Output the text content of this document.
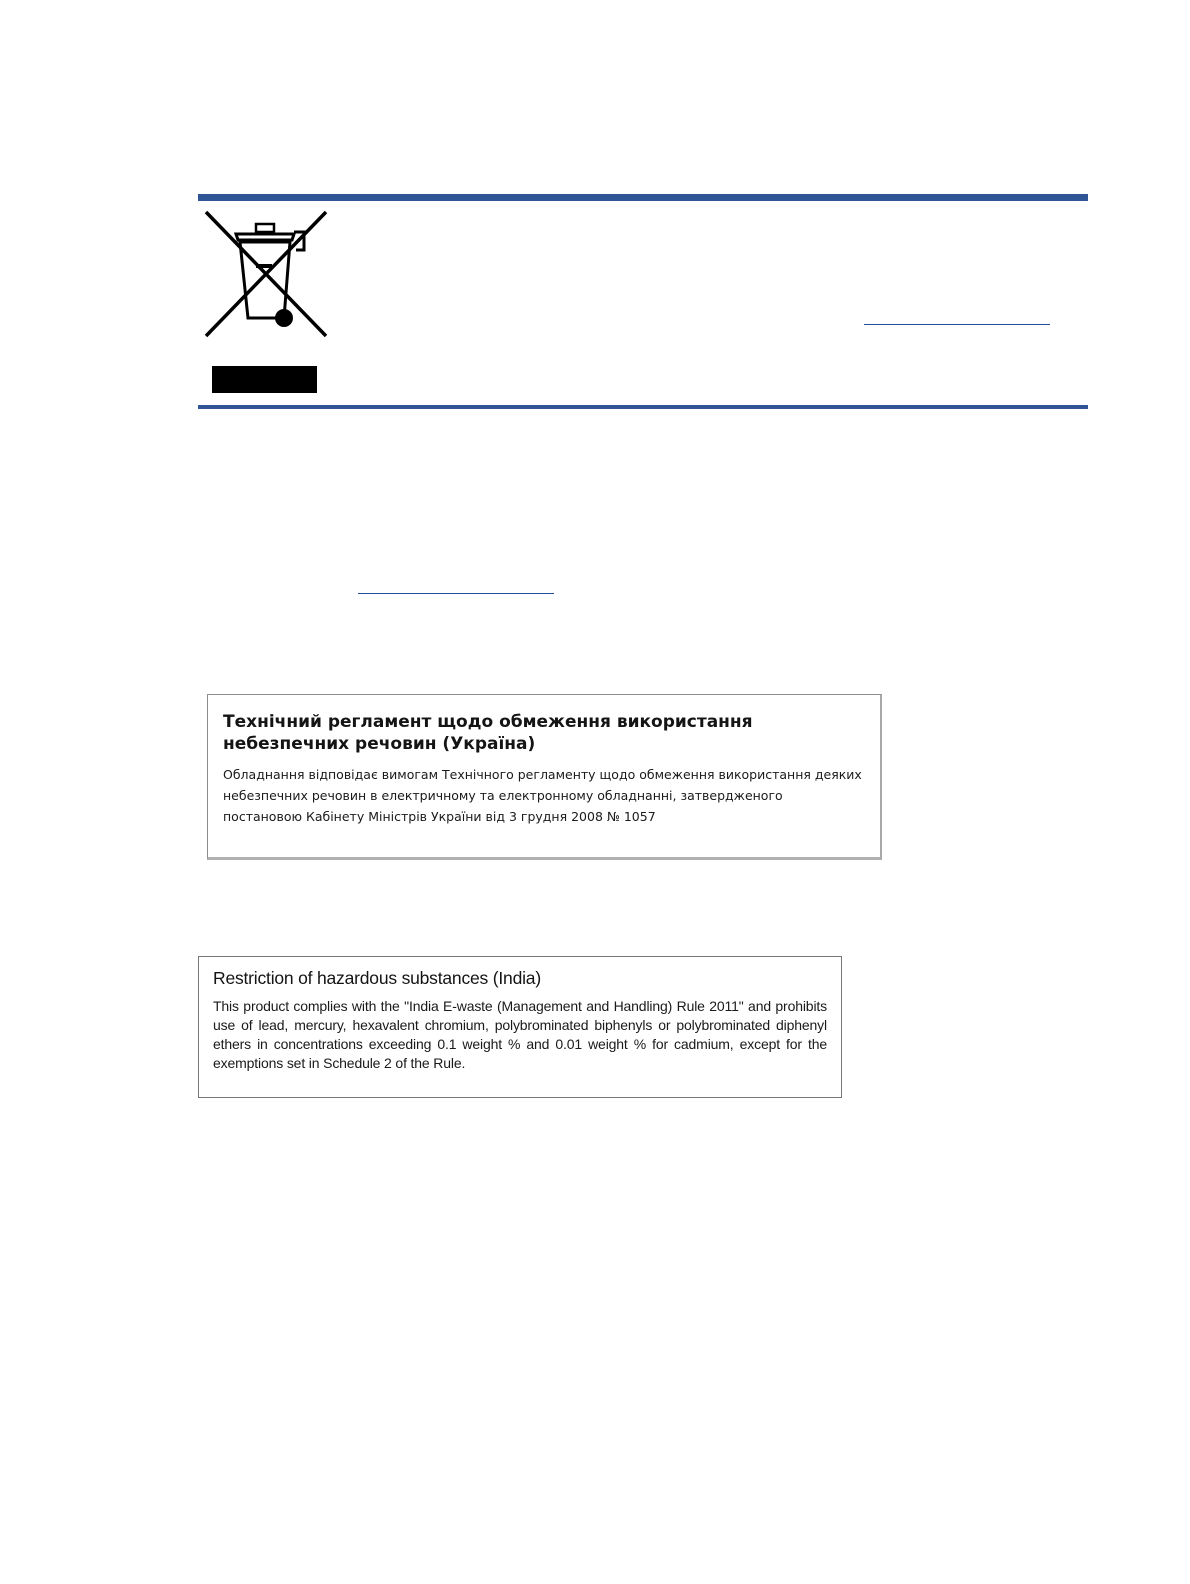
Технічний регламент щодо обмеження використання небезпечних речовин (Україна)

Обладнання відповідає вимогам Технічного регламенту щодо обмеження використання деяких небезпечних речовин в електричному та електронному обладнанні, затвердженого постановою Кабінету Міністрів України від 3 грудня 2008 № 1057

Restriction of hazardous substances (India)

This product complies with the "India E-waste (Management and Handling) Rule 2011" and prohibits use of lead, mercury, hexavalent chromium, polybrominated biphenyls or polybrominated diphenyl ethers in concentrations exceeding 0.1 weight % and 0.01 weight % for cadmium, except for the exemptions set in Schedule 2 of the Rule.
